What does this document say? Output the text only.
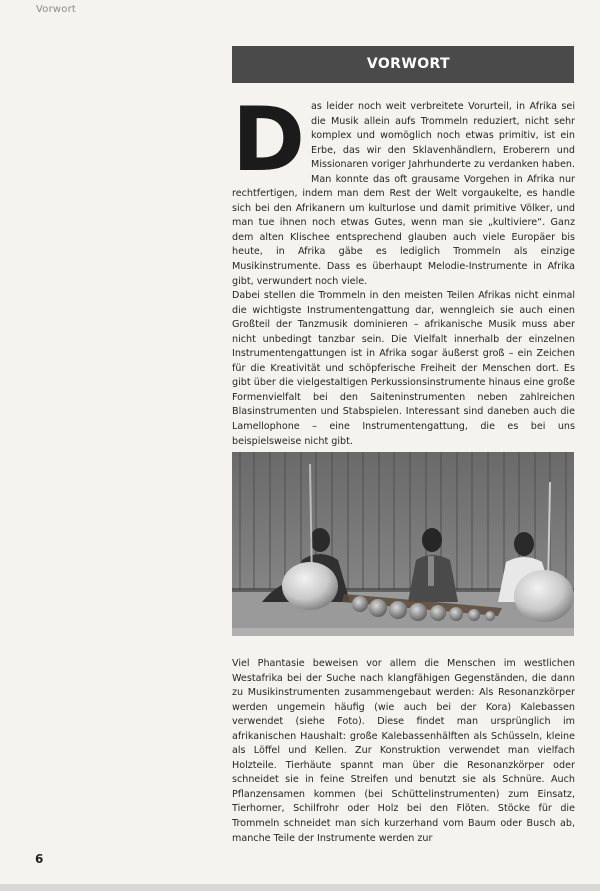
Vorwort
VORWORT

Das leider noch weit verbreitete Vorurteil, in Afrika sei die Musik allein aufs Trommeln reduziert, nicht sehr komplex und womöglich noch etwas primitiv, ist ein Erbe, das wir den Sklavenhändlern, Eroberern und Missionaren voriger Jahrhunderte zu verdanken haben. Man konnte das oft grausame Vorgehen in Afrika nur rechtfertigen, indem man dem Rest der Welt vorgaukelte, es handle sich bei den Afrikanern um kulturlose und damit primitive Völker, und man tue ihnen noch etwas Gutes, wenn man sie „kultiviere“. Ganz dem alten Klischee entsprechend glauben auch viele Europäer bis heute, in Afrika gäbe es lediglich Trommeln als einzige Musikinstrumente. Dass es überhaupt Melodie-Instrumente in Afrika gibt, verwundert noch viele.

Dabei stellen die Trommeln in den meisten Teilen Afrikas nicht einmal die wichtigste Instrumentengattung dar, wenngleich sie auch einen Großteil der Tanzmusik dominieren – afrikanische Musik muss aber nicht unbedingt tanzbar sein. Die Vielfalt innerhalb der einzelnen Instrumentengattungen ist in Afrika sogar äußerst groß – ein Zeichen für die Kreativität und schöpferische Freiheit der Menschen dort. Es gibt über die vielgestaltigen Perkussionsinstrumente hinaus eine große Formenvielfalt bei den Saiteninstrumenten neben zahlreichen Blasinstrumenten und Stabspielen. Interessant sind daneben auch die Lamellophone – eine Instrumentengattung, die es bei uns beispielsweise nicht gibt.

Viel Phantasie beweisen vor allem die Menschen im westlichen Westafrika bei der Suche nach klangfähigen Gegenständen, die dann zu Musikinstrumenten zusammengebaut werden: Als Resonanzkörper werden ungemein häufig (wie auch bei der Kora) Kalebassen verwendet (siehe Foto). Diese findet man ursprünglich im afrikanischen Haushalt: große Kalebassenhälften als Schüsseln, kleine als Löffel und Kellen. Zur Konstruktion verwendet man vielfach Holzteile. Tierhäute spannt man über die Resonanzkörper oder schneidet sie in feine Streifen und benutzt sie als Schnüre. Auch Pflanzensamen kommen (bei Schüttelinstrumenten) zum Einsatz, Tierhorner, Schilfrohr oder Holz bei den Flöten. Stöcke für die Trommeln schneidet man sich kurzerhand vom Baum oder Busch ab, manche Teile der Instrumente werden zur

6
